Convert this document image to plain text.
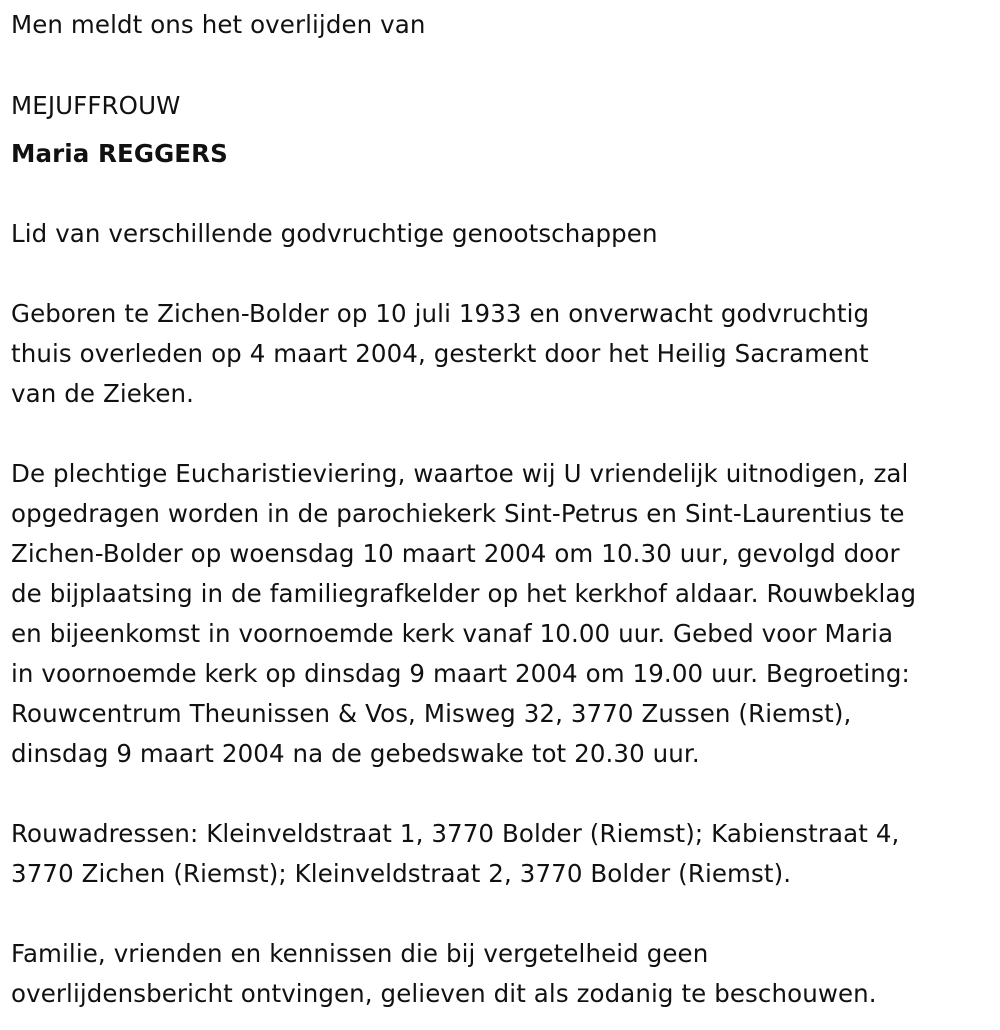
Men meldt ons het overlijden van
MEJUFFROUW
Maria REGGERS
Lid van verschillende godvruchtige genootschappen
Geboren te Zichen-Bolder op 10 juli 1933 en onverwacht godvruchtig
thuis overleden op 4 maart 2004, gesterkt door het Heilig Sacrament
van de Zieken.
De plechtige Eucharistieviering, waartoe wij U vriendelijk uitnodigen, zal
opgedragen worden in de parochiekerk Sint-Petrus en Sint-Laurentius te
Zichen-Bolder op woensdag 10 maart 2004 om 10.30 uur, gevolgd door
de bijplaatsing in de familiegrafkelder op het kerkhof aldaar. Rouwbeklag
en bijeenkomst in voornoemde kerk vanaf 10.00 uur. Gebed voor Maria
in voornoemde kerk op dinsdag 9 maart 2004 om 19.00 uur. Begroeting:
Rouwcentrum Theunissen & Vos, Misweg 32, 3770 Zussen (Riemst),
dinsdag 9 maart 2004 na de gebedswake tot 20.30 uur.
Rouwadressen: Kleinveldstraat 1, 3770 Bolder (Riemst); Kabienstraat 4,
3770 Zichen (Riemst); Kleinveldstraat 2, 3770 Bolder (Riemst).
Familie, vrienden en kennissen die bij vergetelheid geen
overlijdensbericht ontvingen, gelieven dit als zodanig te beschouwen.
